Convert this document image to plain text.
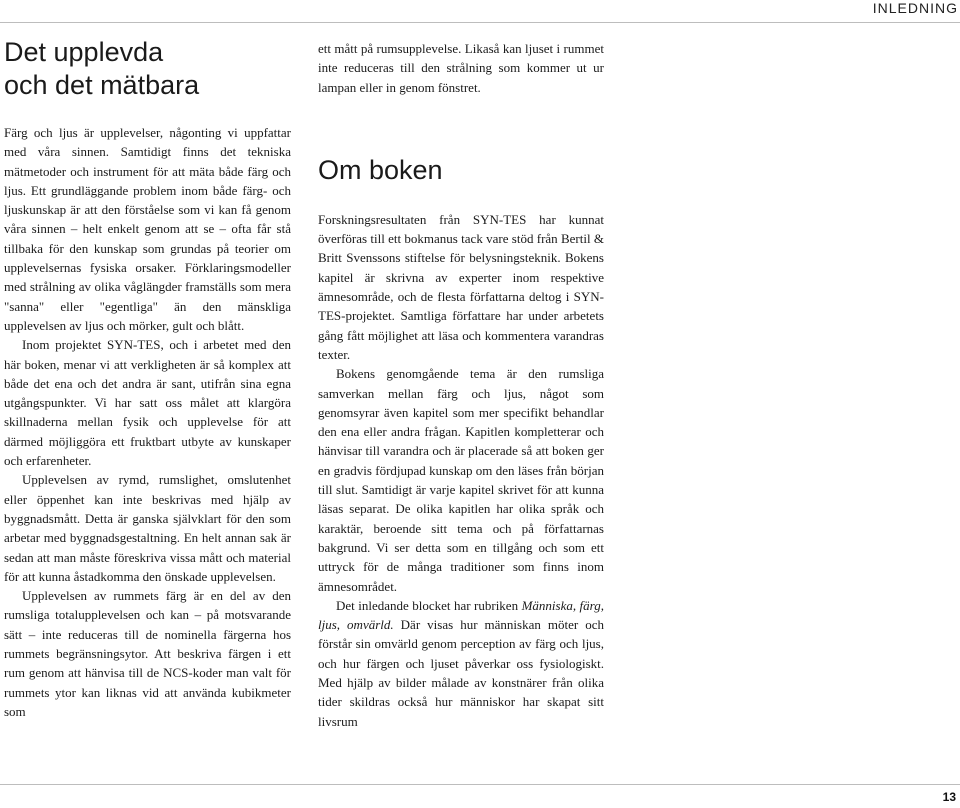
INLEDNING
Det upplevda
och det mätbara

Färg och ljus är upplevelser, någonting vi uppfattar med våra sinnen. Samtidigt finns det tekniska mätmetoder och instrument för att mäta både färg och ljus. Ett grundläggande problem inom både färg- och ljuskunskap är att den förståelse som vi kan få genom våra sinnen – helt enkelt genom att se – ofta får stå tillbaka för den kunskap som grundas på teorier om upplevelsernas fysiska orsaker. Förklaringsmodeller med strålning av olika våglängder framställs som mera "sanna" eller "egentliga" än den mänskliga upplevelsen av ljus och mörker, gult och blått.

Inom projektet SYN-TES, och i arbetet med den här boken, menar vi att verkligheten är så komplex att både det ena och det andra är sant, utifrån sina egna utgångspunkter. Vi har satt oss målet att klargöra skillnaderna mellan fysik och upplevelse för att därmed möjliggöra ett fruktbart utbyte av kunskaper och erfarenheter.

Upplevelsen av rymd, rumslighet, omslutenhet eller öppenhet kan inte beskrivas med hjälp av byggnadsmått. Detta är ganska självklart för den som arbetar med byggnadsgestaltning. En helt annan sak är sedan att man måste föreskriva vissa mått och material för att kunna åstadkomma den önskade upplevelsen.

Upplevelsen av rummets färg är en del av den rumsliga totalupplevelsen och kan – på motsvarande sätt – inte reduceras till de nominella färgerna hos rummets begränsningsytor. Att beskriva färgen i ett rum genom att hänvisa till de NCS-koder man valt för rummets ytor kan liknas vid att använda kubikmeter som

ett mått på rumsupplevelse. Likaså kan ljuset i rummet inte reduceras till den strålning som kommer ut ur lampan eller in genom fönstret.

Om boken

Forskningsresultaten från SYN-TES har kunnat överföras till ett bokmanus tack vare stöd från Bertil & Britt Svenssons stiftelse för belysningsteknik. Bokens kapitel är skrivna av experter inom respektive ämnesområde, och de flesta författarna deltog i SYN-TES-projektet. Samtliga författare har under arbetets gång fått möjlighet att läsa och kommentera varandras texter.

Bokens genomgående tema är den rumsliga samverkan mellan färg och ljus, något som genomsyrar även kapitel som mer specifikt behandlar den ena eller andra frågan. Kapitlen kompletterar och hänvisar till varandra och är placerade så att boken ger en gradvis fördjupad kunskap om den läses från början till slut. Samtidigt är varje kapitel skrivet för att kunna läsas separat. De olika kapitlen har olika språk och karaktär, beroende sitt tema och på författarnas bakgrund. Vi ser detta som en tillgång och som ett uttryck för de många traditioner som finns inom ämnesområdet.

Det inledande blocket har rubriken Människa, färg, ljus, omvärld. Där visas hur människan möter och förstår sin omvärld genom perception av färg och ljus, och hur färgen och ljuset påverkar oss fysiologiskt. Med hjälp av bilder målade av konstnärer från olika tider skildras också hur människor har skapat sitt livsrum

13
